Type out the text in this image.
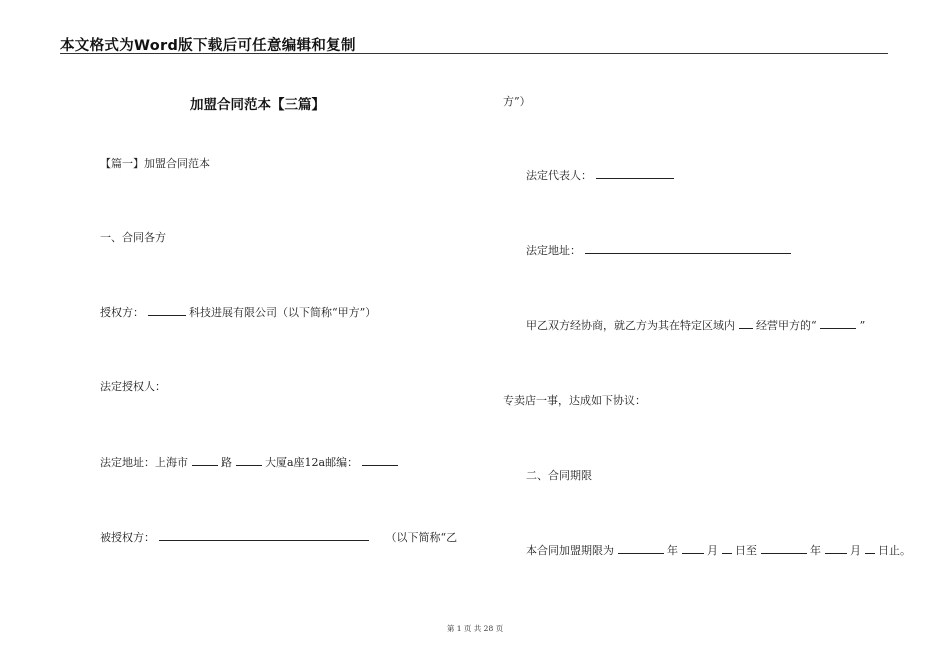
本文格式为Word版下载后可任意编辑和复制
加盟合同范本【三篇】
【篇一】加盟合同范本
一、合同各方
授权方：	科技进展有限公司（以下简称“甲方”）
法定授权人：
法定地址：上海市	路	大厦a座12a邮编：
被授权方：	（以下简称“乙
方”）
法定代表人：
法定地址：
甲乙双方经协商，就乙方为其在特定区域内 经营甲方的“	”
专卖店一事，达成如下协议：
二、合同期限
本合同加盟期限为	年	月 日至	年	月 日止。
第 1 页 共 28 页
